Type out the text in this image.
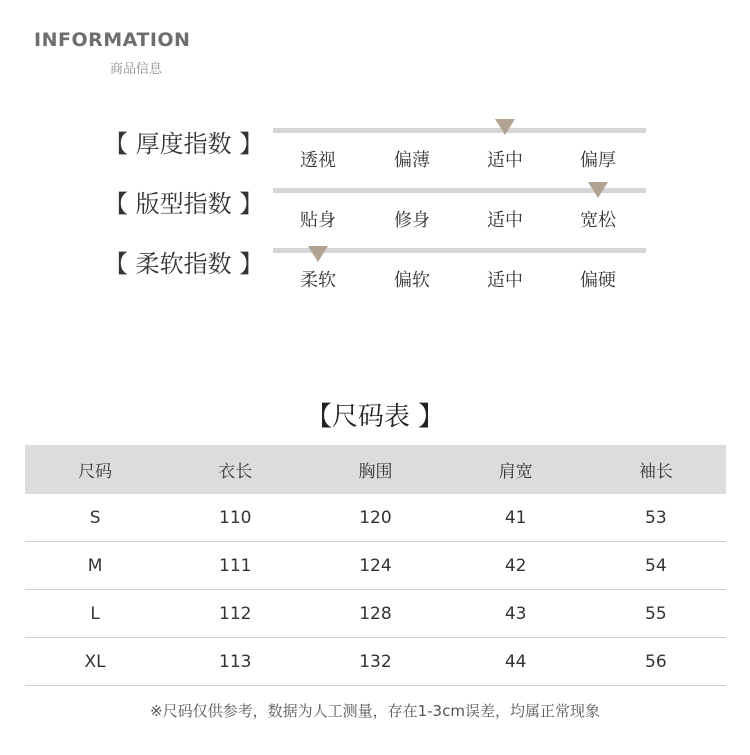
INFORMATION
商品信息
【 厚度指数 】
透视	偏薄	适中	偏厚
【 版型指数 】
贴身	修身	适中	宽松
【 柔软指数 】
柔软	偏软	适中	偏硬
【尺码表 】
尺码	衣长	胸围	肩宽	袖长
S	110	120	41	53
M	111	124	42	54
L	112	128	43	55
XL	113	132	44	56
※尺码仅供参考，数据为人工测量，存在1-3cm误差，均属正常现象
